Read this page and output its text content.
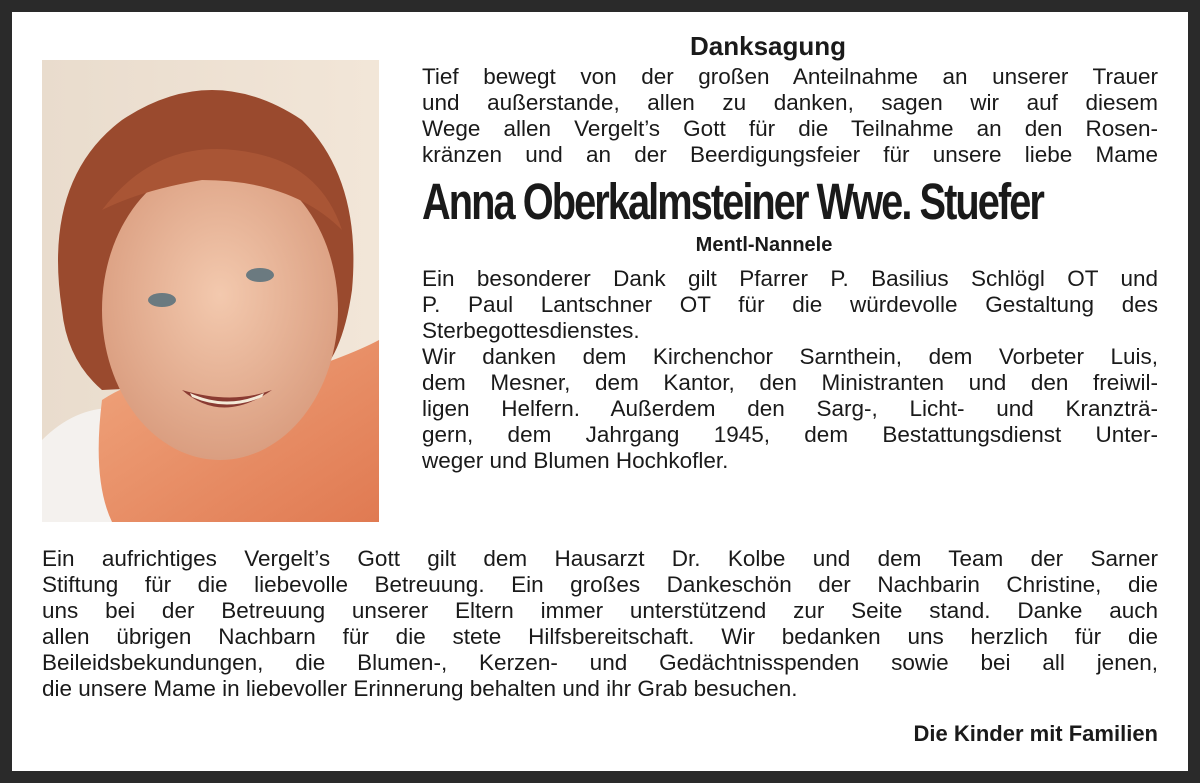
Danksagung

Tief bewegt von der großen Anteilnahme an unserer Trauer
und außerstande, allen zu danken, sagen wir auf diesem
Wege allen Vergelt’s Gott für die Teilnahme an den Rosen-
kränzen und an der Beerdigungsfeier für unsere liebe Mame

Anna Oberkalmsteiner Wwe. Stuefer
Mentl-Nannele

Ein besonderer Dank gilt Pfarrer P. Basilius Schlögl OT und
P. Paul Lantschner OT für die würdevolle Gestaltung des
Sterbegottesdienstes.
Wir danken dem Kirchenchor Sarnthein, dem Vorbeter Luis,
dem Mesner, dem Kantor, den Ministranten und den freiwil-
ligen Helfern. Außerdem den Sarg-, Licht- und Kranzträ-
gern, dem Jahrgang 1945, dem Bestattungsdienst Unter-
weger und Blumen Hochkofler.

Ein aufrichtiges Vergelt’s Gott gilt dem Hausarzt Dr. Kolbe und dem Team der Sarner
Stiftung für die liebevolle Betreuung. Ein großes Dankeschön der Nachbarin Christine, die
uns bei der Betreuung unserer Eltern immer unterstützend zur Seite stand. Danke auch
allen übrigen Nachbarn für die stete Hilfsbereitschaft. Wir bedanken uns herzlich für die
Beileidsbekundungen, die Blumen-, Kerzen- und Gedächtnisspenden sowie bei all jenen,
die unsere Mame in liebevoller Erinnerung behalten und ihr Grab besuchen.

Die Kinder mit Familien
